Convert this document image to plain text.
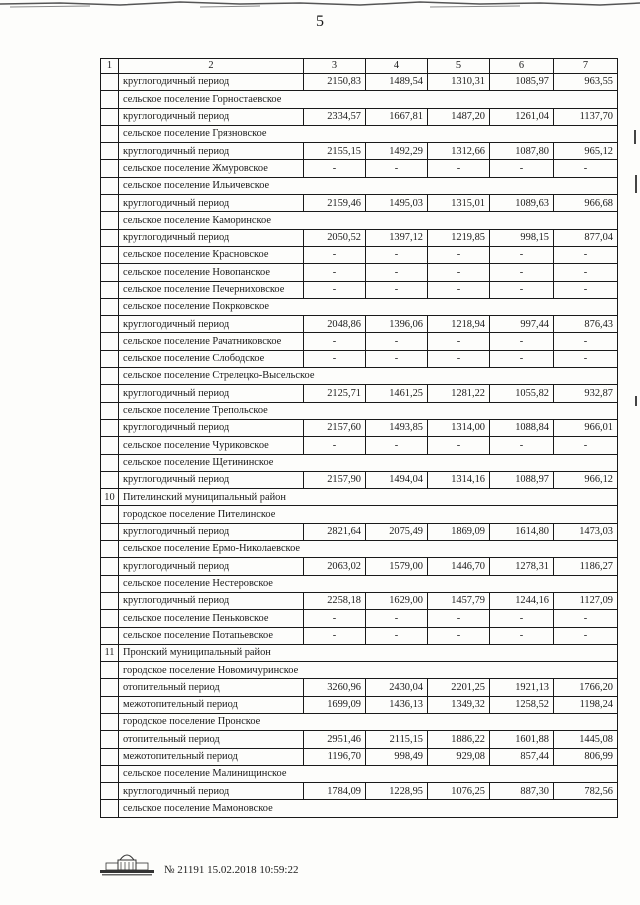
5
1	2	3	4	5	6	7
	круглогодичный период	2150,83	1489,54	1310,31	1085,97	963,55
	сельское поселение Горностаевское					
	круглогодичный период	2334,57	1667,81	1487,20	1261,04	1137,70
	сельское поселение Грязновское					
	круглогодичный период	2155,15	1492,29	1312,66	1087,80	965,12
	сельское поселение Жмуровское	-	-	-	-	-
	сельское поселение Ильичевское					
	круглогодичный период	2159,46	1495,03	1315,01	1089,63	966,68
	сельское поселение Каморинское					
	круглогодичный период	2050,52	1397,12	1219,85	998,15	877,04
	сельское поселение Красновское	-	-	-	-	-
	сельское поселение Новопанское	-	-	-	-	-
	сельское поселение Печерниховское	-	-	-	-	-
	сельское поселение Покрковское					
	круглогодичный период	2048,86	1396,06	1218,94	997,44	876,43
	сельское поселение Рачатниковское	-	-	-	-	-
	сельское поселение Слободское	-	-	-	-	-
	сельское поселение Стрелецко-Высельское					
	круглогодичный период	2125,71	1461,25	1281,22	1055,82	932,87
	сельское поселение Трепольское					
	круглогодичный период	2157,60	1493,85	1314,00	1088,84	966,01
	сельское поселение Чуриковское	-	-	-	-	-
	сельское поселение Щетининское					
	круглогодичный период	2157,90	1494,04	1314,16	1088,97	966,12
10	Пителинский муниципальный район					
	городское поселение Пителинское					
	круглогодичный период	2821,64	2075,49	1869,09	1614,80	1473,03
	сельское поселение Ермо-Николаевское					
	круглогодичный период	2063,02	1579,00	1446,70	1278,31	1186,27
	сельское поселение Нестеровское					
	круглогодичный период	2258,18	1629,00	1457,79	1244,16	1127,09
	сельское поселение Пеньковское	-	-	-	-	-
	сельское поселение Потапьевское	-	-	-	-	-
11	Пронский муниципальный район					
	городское поселение Новомичуринское					
	отопительный период	3260,96	2430,04	2201,25	1921,13	1766,20
	межотопительный период	1699,09	1436,13	1349,32	1258,52	1198,24
	городское поселение Пронское					
	отопительный период	2951,46	2115,15	1886,22	1601,88	1445,08
	межотопительный период	1196,70	998,49	929,08	857,44	806,99
	сельское поселение Малинищинское					
	круглогодичный период	1784,09	1228,95	1076,25	887,30	782,56
	сельское поселение Мамоновское					
№ 21191 15.02.2018 10:59:22
